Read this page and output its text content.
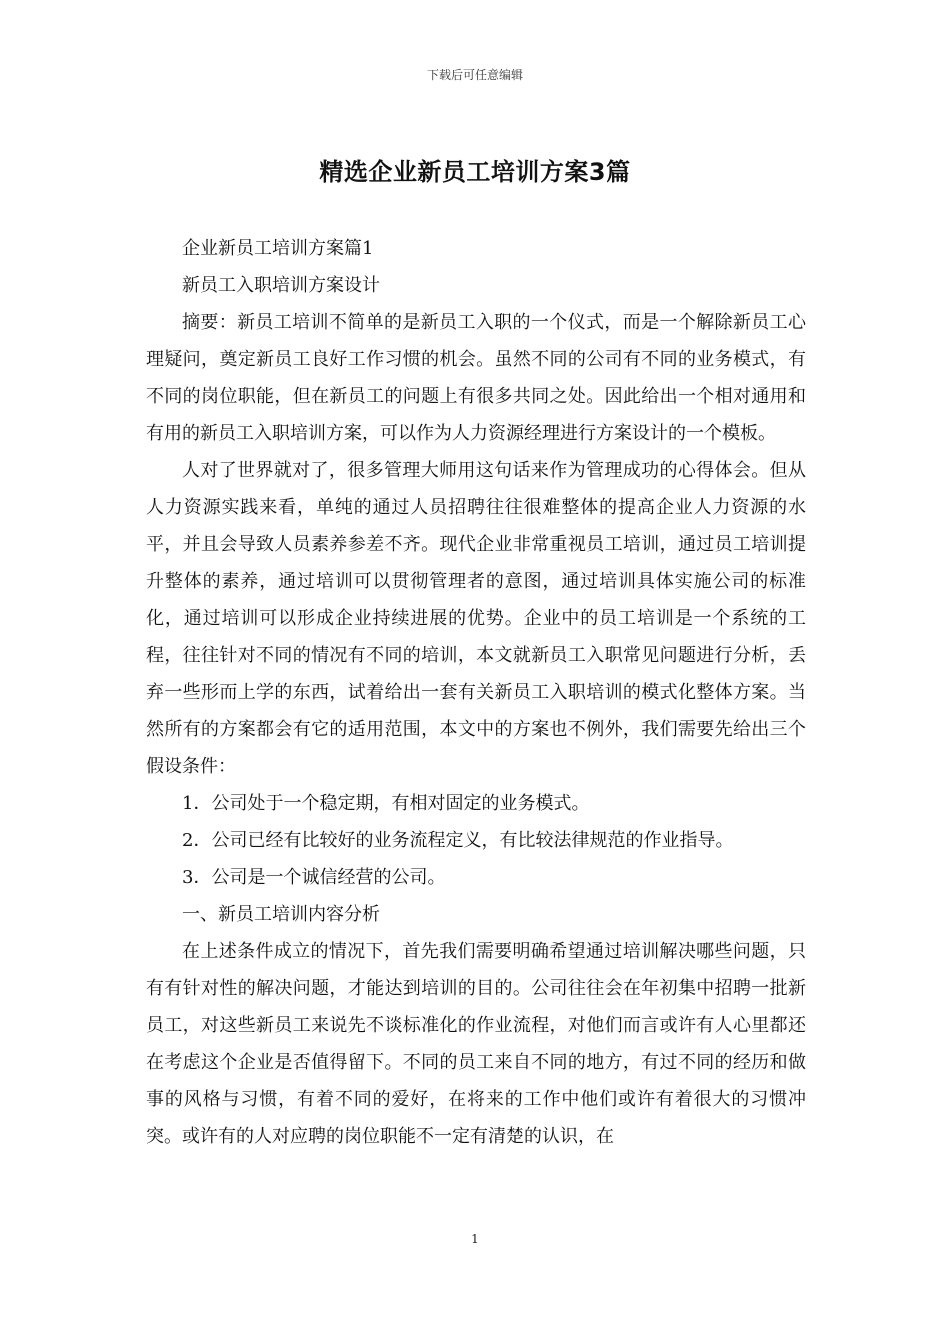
下载后可任意编辑
精选企业新员工培训方案3篇

企业新员工培训方案篇1

新员工入职培训方案设计

摘要：新员工培训不简单的是新员工入职的一个仪式，而是一个解除新员工心理疑问，奠定新员工良好工作习惯的机会。虽然不同的公司有不同的业务模式，有不同的岗位职能，但在新员工的问题上有很多共同之处。因此给出一个相对通用和有用的新员工入职培训方案，可以作为人力资源经理进行方案设计的一个模板。

人对了世界就对了，很多管理大师用这句话来作为管理成功的心得体会。但从人力资源实践来看，单纯的通过人员招聘往往很难整体的提高企业人力资源的水平，并且会导致人员素养参差不齐。现代企业非常重视员工培训，通过员工培训提升整体的素养，通过培训可以贯彻管理者的意图，通过培训具体实施公司的标准化，通过培训可以形成企业持续进展的优势。企业中的员工培训是一个系统的工程，往往针对不同的情况有不同的培训，本文就新员工入职常见问题进行分析，丢弃一些形而上学的东西，试着给出一套有关新员工入职培训的模式化整体方案。当然所有的方案都会有它的适用范围，本文中的方案也不例外，我们需要先给出三个假设条件：

1．公司处于一个稳定期，有相对固定的业务模式。

2．公司已经有比较好的业务流程定义，有比较法律规范的作业指导。

3．公司是一个诚信经营的公司。

一、新员工培训内容分析

在上述条件成立的情况下，首先我们需要明确希望通过培训解决哪些问题，只有有针对性的解决问题，才能达到培训的目的。公司往往会在年初集中招聘一批新员工，对这些新员工来说先不谈标准化的作业流程，对他们而言或许有人心里都还在考虑这个企业是否值得留下。不同的员工来自不同的地方，有过不同的经历和做事的风格与习惯，有着不同的爱好，在将来的工作中他们或许有着很大的习惯冲突。或许有的人对应聘的岗位职能不一定有清楚的认识，在

1
